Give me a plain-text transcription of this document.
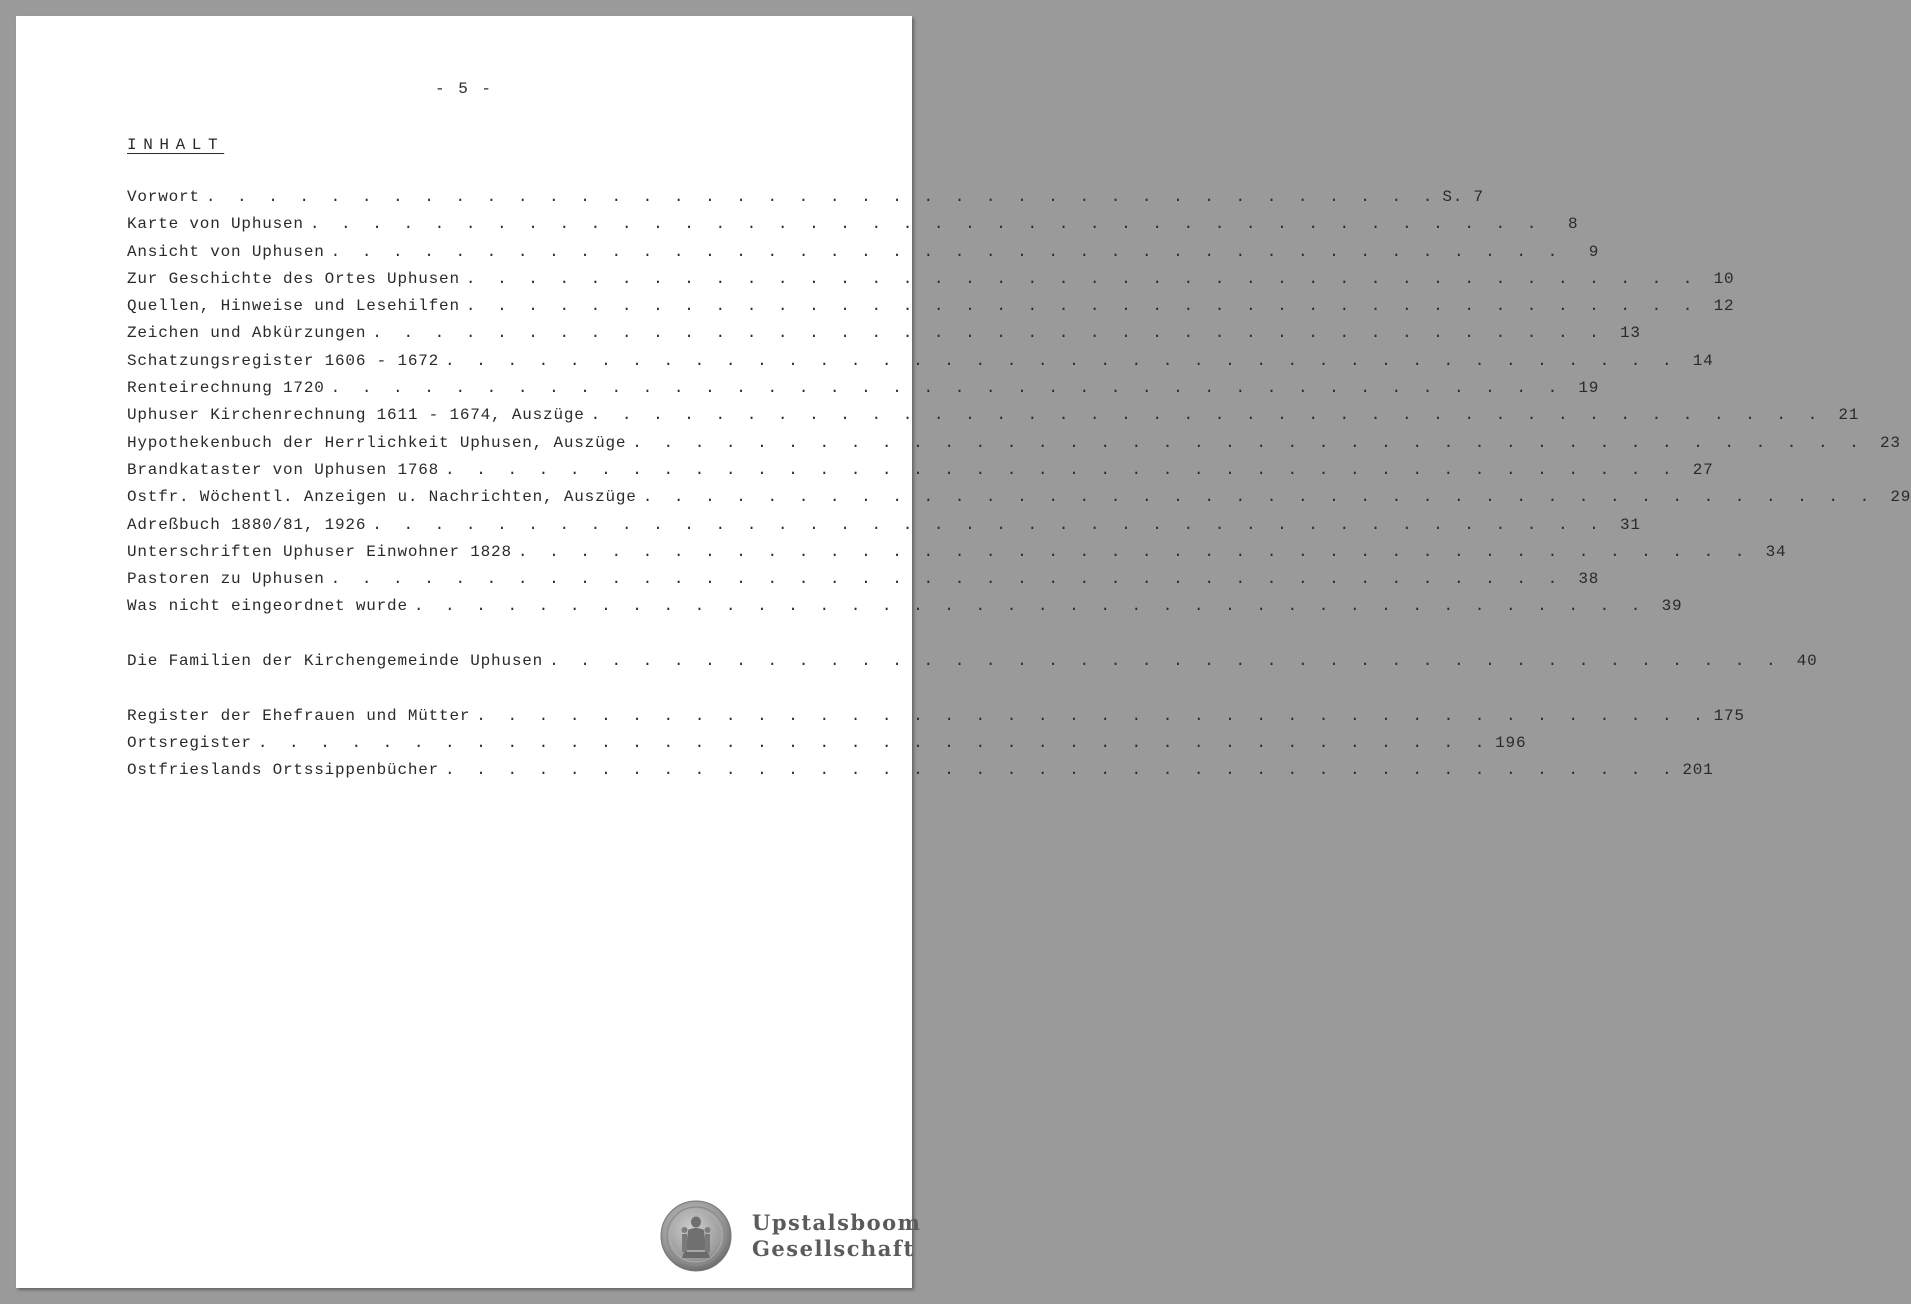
- 5 -
INHALT
Vorwort . . . . . . . . . . . . . . . . . . . . . . . . . . . . . . . . . . . . . . . . S. 7
Karte von Uphusen . . . . . . . . . . . . . . . . . . . . . . . . . . . . . . . . . . . . . . . .	8
Ansicht von Uphusen . . . . . . . . . . . . . . . . . . . . . . . . . . . . . . . . . . . . . . . .	9
Zur Geschichte des Ortes Uphusen . . . . . . . . . . . . . . . . . . . . . . . . . . . . . . . . . . . . . . . . 10
Quellen, Hinweise und Lesehilfen . . . . . . . . . . . . . . . . . . . . . . . . . . . . . . . . . . . . . . . . 12
Zeichen und Abkürzungen . . . . . . . . . . . . . . . . . . . . . . . . . . . . . . . . . . . . . . . . 13
Schatzungsregister 1606 - 1672 . . . . . . . . . . . . . . . . . . . . . . . . . . . . . . . . . . . . . . . . 14
Renteirechnung 1720 . . . . . . . . . . . . . . . . . . . . . . . . . . . . . . . . . . . . . . . . 19
Uphuser Kirchenrechnung 1611 - 1674, Auszüge . . . . . . . . . . . . . . . . . . . . . . . . . . . . . . . . . . . . . . . . 21
Hypothekenbuch der Herrlichkeit Uphusen, Auszüge . . . . . . . . . . . . . . . . . . . . . . . . . . . . . . . . . . . . . . . . 23
Brandkataster von Uphusen 1768 . . . . . . . . . . . . . . . . . . . . . . . . . . . . . . . . . . . . . . . . 27
Ostfr. Wöchentl. Anzeigen u. Nachrichten, Auszüge . . . . . . . . . . . . . . . . . . . . . . . . . . . . . . . . . . . . . . . . 29
Adreßbuch 1880/81, 1926 . . . . . . . . . . . . . . . . . . . . . . . . . . . . . . . . . . . . . . . . 31
Unterschriften Uphuser Einwohner 1828 . . . . . . . . . . . . . . . . . . . . . . . . . . . . . . . . . . . . . . . . 34
Pastoren zu Uphusen . . . . . . . . . . . . . . . . . . . . . . . . . . . . . . . . . . . . . . . . 38
Was nicht eingeordnet wurde . . . . . . . . . . . . . . . . . . . . . . . . . . . . . . . . . . . . . . . . 39
Die Familien der Kirchengemeinde Uphusen . . . . . . . . . . . . . . . . . . . . . . . . . . . . . . . . . . . . . . . . 40
Register der Ehefrauen und Mütter . . . . . . . . . . . . . . . . . . . . . . . . . . . . . . . . . . . . . . . . 175
Ortsregister . . . . . . . . . . . . . . . . . . . . . . . . . . . . . . . . . . . . . . . . 196
Ostfrieslands Ortssippenbücher . . . . . . . . . . . . . . . . . . . . . . . . . . . . . . . . . . . . . . . . 201
Upstalsboom
Gesellschaft
